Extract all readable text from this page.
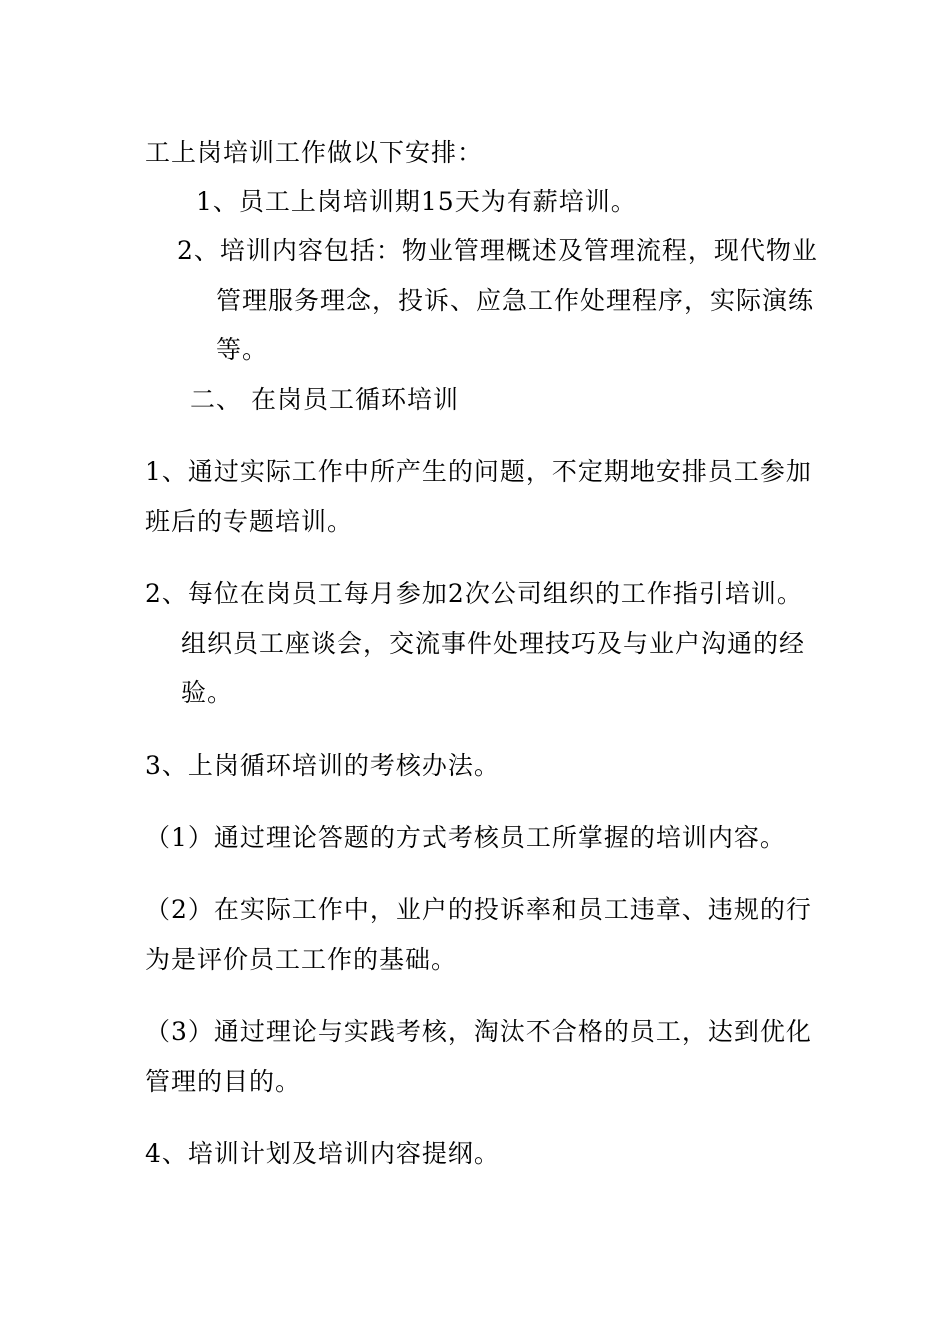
工上岗培训工作做以下安排：
1、员工上岗培训期15天为有薪培训。
2、培训内容包括：物业管理概述及管理流程，现代物业
管理服务理念，投诉、应急工作处理程序，实际演练
等。
二、 在岗员工循环培训
1、通过实际工作中所产生的问题，不定期地安排员工参加
班后的专题培训。
2、每位在岗员工每月参加2次公司组织的工作指引培训。
组织员工座谈会，交流事件处理技巧及与业户沟通的经
验。
3、上岗循环培训的考核办法。
（1）通过理论答题的方式考核员工所掌握的培训内容。
（2）在实际工作中，业户的投诉率和员工违章、违规的行
为是评价员工工作的基础。
（3）通过理论与实践考核，淘汰不合格的员工，达到优化
管理的目的。
4、培训计划及培训内容提纲。
